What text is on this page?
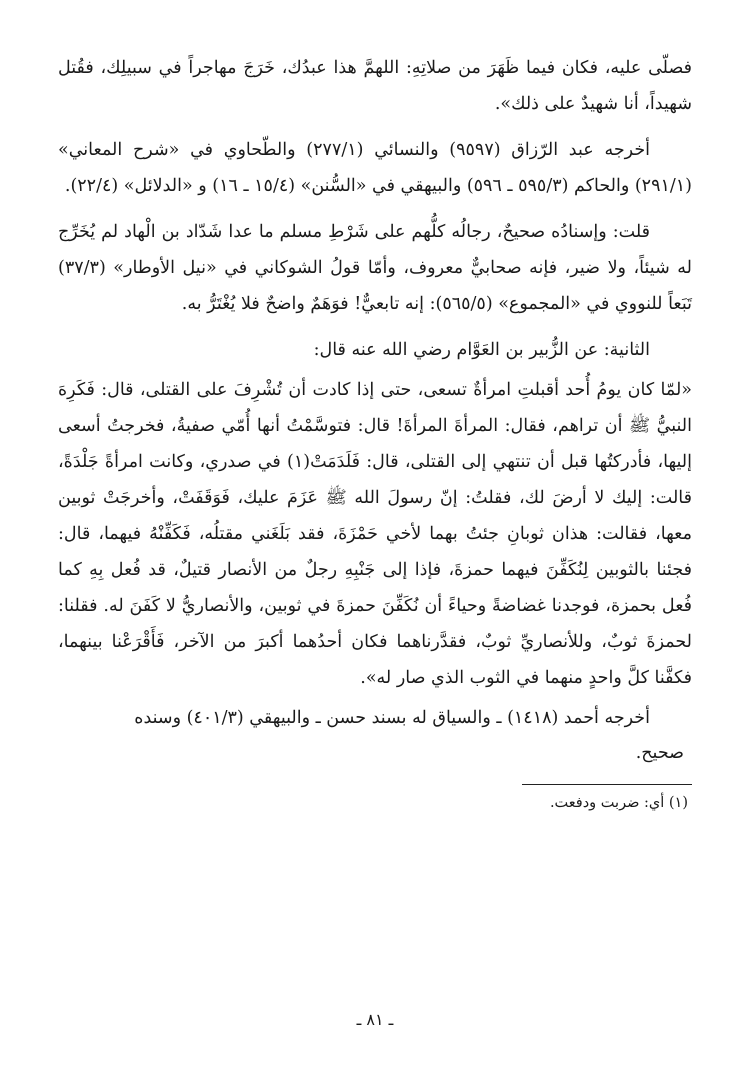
فصلّى عليه، فكان فيما ظَهَرَ من صلاتِهِ: اللهمَّ هذا عبدُك، خَرَجَ مهاجراً في سبيلِك، فقُتل شهيداً، أنا شهيدٌ على ذلك».

أخرجه عبد الرّزاق (٩٥٩٧) والنسائي (٢٧٧/١) والطّحاوي في «شرح المعاني» (٢٩١/١) والحاكم (٥٩٥/٣ ـ ٥٩٦) والبيهقي في «السُّنن» (١٥/٤ ـ ١٦) و «الدلائل» (٢٢/٤).

قلت: وإسنادُه صحيحٌ، رجالُه كلُّهم على شَرْطِ مسلم ما عدا شَدّاد بن الْهاد لم يُخَرِّج له شيئاً، ولا ضير، فإنه صحابيٌّ معروف، وأمّا قولُ الشوكاني في «نيل الأوطار» (٣٧/٣) تَبَعاً للنووي في «المجموع» (٥٦٥/٥): إنه تابعيٌّ! فوَهَمٌ واضحٌ فلا يُغْتَرُّ به.

الثانية: عن الزُّبير بن العَوَّام رضي الله عنه قال:

«لمّا كان يومُ أُحد أقبلتِ امرأةٌ تسعى، حتى إذا كادت أن تُشْرِفَ على القتلى، قال: فَكَرِهَ النبيُّ ﷺ أن تراهم، فقال: المرأةَ المرأةَ! قال: فتوسَّمْتُ أنها أُمّي صفيةُ، فخرجتُ أسعى إليها، فأدركتُها قبل أن تنتهي إلى القتلى، قال: فَلَدَمَتْ(١) في صدري، وكانت امرأةً جَلْدَةً، قالت: إليك لا أرضَ لك، فقلتُ: إنّ رسولَ الله ﷺ عَزَمَ عليك، فَوَقَفَتْ، وأخرجَتْ ثوبين معها، فقالت: هذان ثوبانِ جئتُ بهما لأخي حَمْزَةَ، فقد بَلَغَني مقتلُه، فَكَفِّنْهُ فيهما، قال: فجئنا بالثوبين لِنُكَفِّنَ فيهما حمزةَ، فإذا إلى جَنْبِهِ رجلٌ من الأنصار قتيلٌ، قد فُعل بِهِ كما فُعل بحمزة، فوجدنا غضاضةً وحياءً أن نُكَفِّنَ حمزةَ في ثوبين، والأنصاريُّ لا كَفَنَ له. فقلنا: لحمزةَ ثوبٌ، وللأنصاريِّ ثوبٌ، فقدَّرناهما فكان أحدُهما أكبرَ من الآخر، فَأَقْرَعْنا بينهما، فكفَّنا كلَّ واحدٍ منهما في الثوب الذي صار له».

أخرجه أحمد (١٤١٨) ـ والسياق له بسند حسن ـ والبيهقي (٤٠١/٣) وسنده

صحيح.

(١) أي: ضربت ودفعت.

ـ ٨١ ـ
